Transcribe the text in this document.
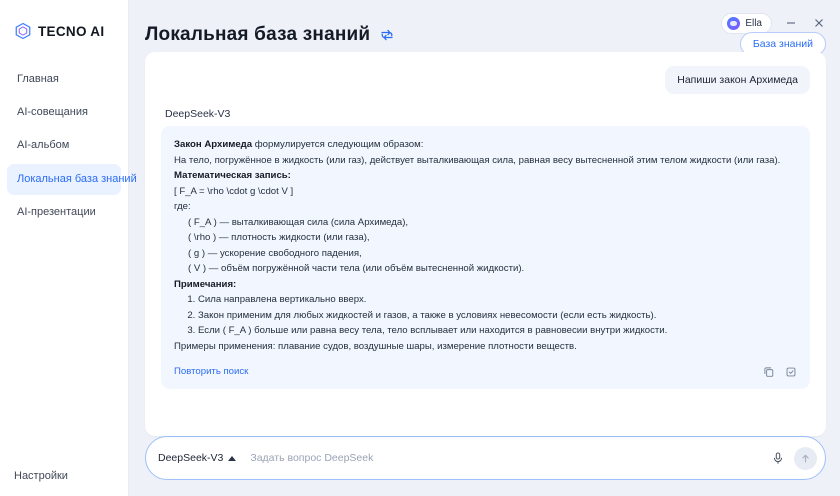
TECNO AI
Главная
AI-совещания
AI-альбом
Локальная база знаний
AI-презентации
Настройки
Ella
Локальная база знаний	База знаний
Напиши закон Архимеда
DeepSeek-V3

Закон Архимеда формулируется следующим образом:

На тело, погружённое в жидкость (или газ), действует выталкивающая сила, равная весу вытесненной этим телом жидкости (или газа).

Математическая запись:

[ F_A = \rho \cdot g \cdot V ]

где:

( F_A ) — выталкивающая сила (сила Архимеда),

( \rho ) — плотность жидкости (или газа),

( g ) — ускорение свободного падения,

( V ) — объём погружённой части тела (или объём вытесненной жидкости).

Примечания:

1. Сила направлена вертикально вверх.
2. Закон применим для любых жидкостей и газов, а также в условиях невесомости (если есть жидкость).
3. Если ( F_A ) больше или равна весу тела, тело всплывает или находится в равновесии внутри жидкости.

Примеры применения: плавание судов, воздушные шары, измерение плотности веществ.

Повторить поиск
DeepSeek-V3
Задать вопрос DeepSeek
